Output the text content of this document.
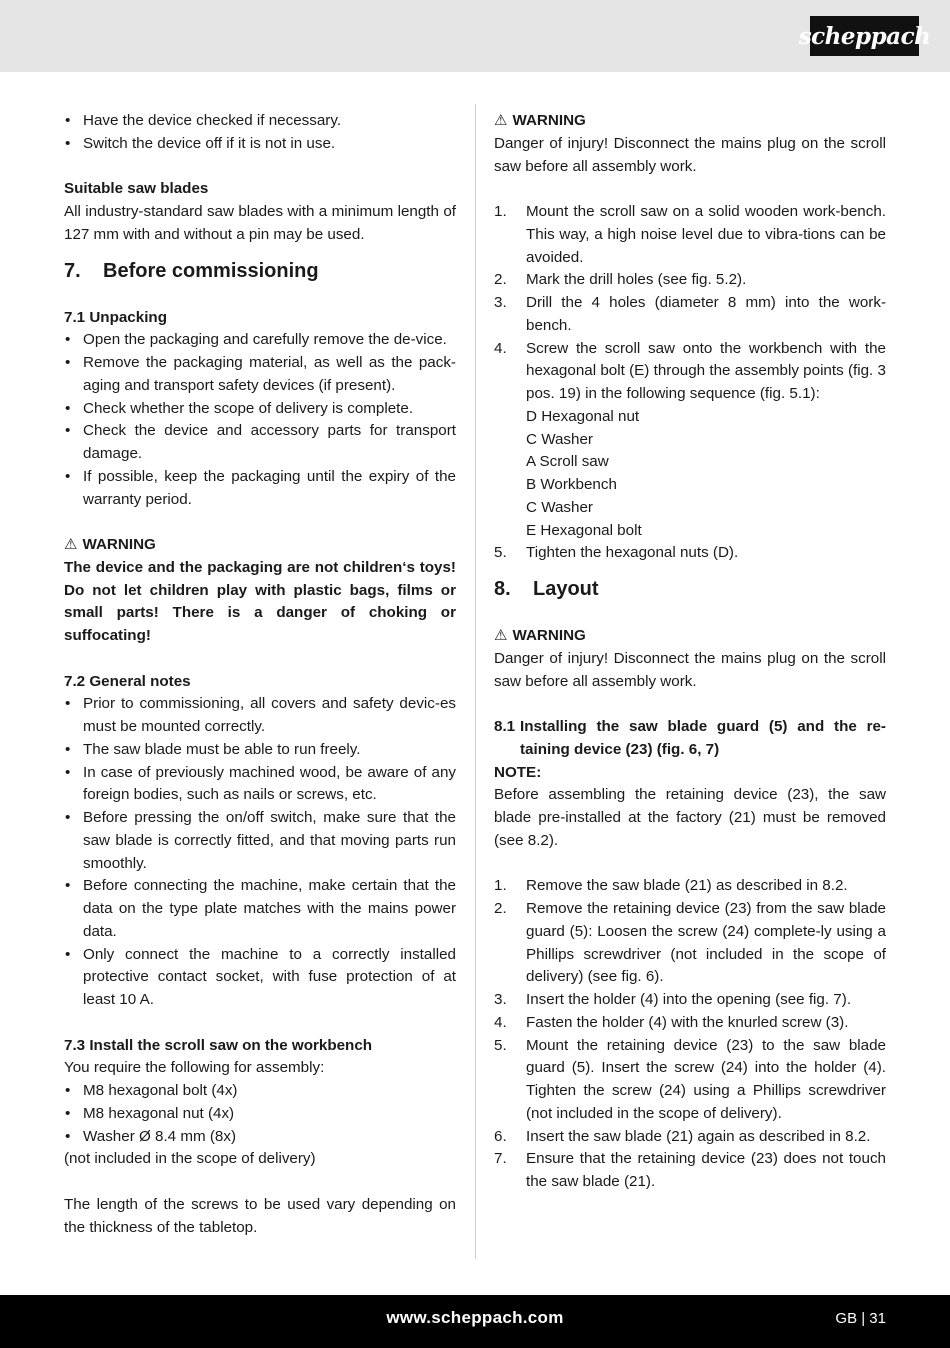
scheppach
• Have the device checked if necessary.
• Switch the device off if it is not in use.

Suitable saw blades

All industry-standard saw blades with a minimum length of 127 mm with and without a pin may be used.

7.	Before commissioning

7.1 Unpacking

• Open the packaging and carefully remove the de-vice.
• Remove the packaging material, as well as the pack-aging and transport safety devices (if present).
• Check whether the scope of delivery is complete.
• Check the device and accessory parts for transport damage.
• If possible, keep the packaging until the expiry of the warranty period.

⚠ WARNING

The device and the packaging are not children‘s toys! Do not let children play with plastic bags, films or small parts! There is a danger of choking or suffocating!

7.2 General notes

• Prior to commissioning, all covers and safety devic-es must be mounted correctly.
• The saw blade must be able to run freely.
• In case of previously machined wood, be aware of any foreign bodies, such as nails or screws, etc.
• Before pressing the on/off switch, make sure that the saw blade is correctly fitted, and that moving parts run smoothly.
• Before connecting the machine, make certain that the data on the type plate matches with the mains power data.
• Only connect the machine to a correctly installed protective contact socket, with fuse protection of at least 10 A.

7.3 Install the scroll saw on the workbench

You require the following for assembly:

• M8 hexagonal bolt (4x)
• M8 hexagonal nut (4x)
• Washer Ø 8.4 mm (8x)

(not included in the scope of delivery)

The length of the screws to be used vary depending on the thickness of the tabletop.

⚠ WARNING

Danger of injury! Disconnect the mains plug on the scroll saw before all assembly work.

1.	Mount the scroll saw on a solid wooden work-bench. This way, a high noise level due to vibra-tions can be avoided.
2.	Mark the drill holes (see fig. 5.2).
3.	Drill the 4 holes (diameter 8 mm) into the work-bench.
4.	Screw the scroll saw onto the workbench with the hexagonal bolt (E) through the assembly points (fig. 3 pos. 19) in the following sequence (fig. 5.1):

D Hexagonal nut

C Washer

A Scroll saw

B Workbench

C Washer

E Hexagonal bolt

5.	Tighten the hexagonal nuts (D).
8.	Layout

⚠ WARNING

Danger of injury! Disconnect the mains plug on the scroll saw before all assembly work.

8.1 Installing the saw blade guard (5) and the re-taining device (23) (fig. 6, 7)

NOTE:

Before assembling the retaining device (23), the saw blade pre-installed at the factory (21) must be removed (see 8.2).

1.	Remove the saw blade (21) as described in 8.2.
2.	Remove the retaining device (23) from the saw blade guard (5): Loosen the screw (24) complete-ly using a Phillips screwdriver (not included in the scope of delivery) (see fig. 6).
3.	Insert the holder (4) into the opening (see fig. 7).
4.	Fasten the holder (4) with the knurled screw (3).
5.	Mount the retaining device (23) to the saw blade guard (5). Insert the screw (24) into the holder (4). Tighten the screw (24) using a Phillips screwdriver (not included in the scope of delivery).
6.	Insert the saw blade (21) again as described in 8.2.
7.	Ensure that the retaining device (23) does not touch the saw blade (21).
www.scheppach.com	GB | 31
